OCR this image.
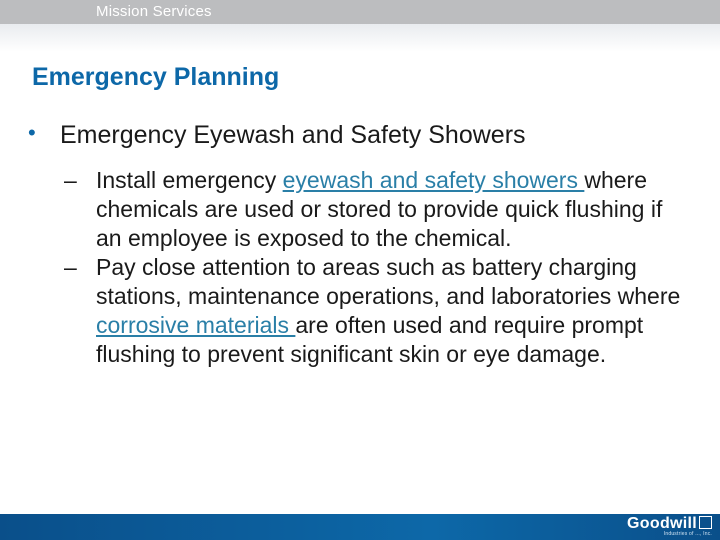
Mission Services
Emergency Planning
• Emergency Eyewash and Safety Showers
– Install emergency eyewash and safety showers where chemicals are used or stored to provide quick flushing if an employee is exposed to the chemical.
– Pay close attention to areas such as battery charging stations, maintenance operations, and laboratories where corrosive materials are often used and require prompt flushing to prevent significant skin or eye damage.
Goodwill
Industries of ..., Inc.
